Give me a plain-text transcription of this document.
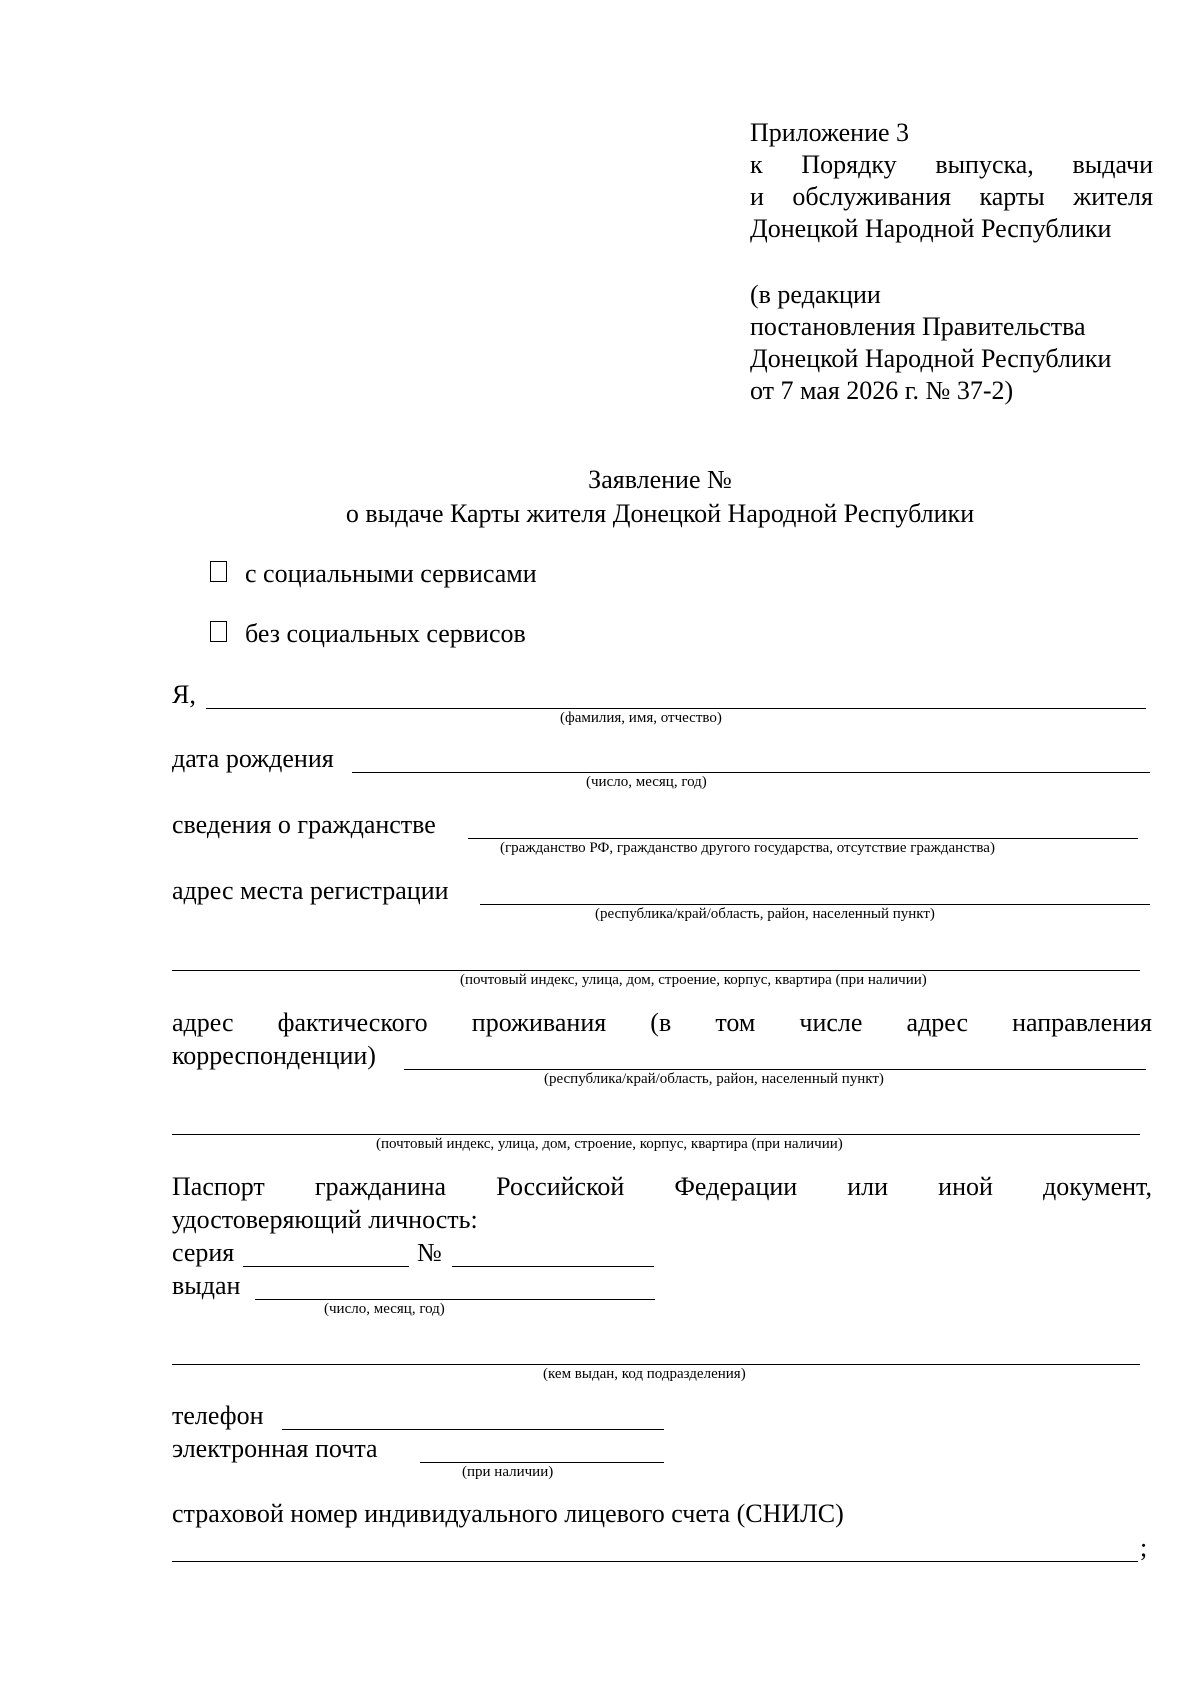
Приложение 3
к Порядку выпуска, выдачи
и обслуживания карты жителя
Донецкой Народной Республики
(в редакции
постановления Правительства
Донецкой Народной Республики
от 7 мая 2026 г. № 37-2)
Заявление №
о выдаче Карты жителя Донецкой Народной Республики
с социальными сервисами
без социальных сервисов
Я,
(фамилия, имя, отчество)
дата рождения
(число, месяц, год)
сведения о гражданстве
(гражданство РФ, гражданство другого государства, отсутствие гражданства)
адрес места регистрации
(республика/край/область, район, населенный пункт)
(почтовый индекс, улица, дом, строение, корпус, квартира (при наличии)
адрес фактического проживания (в том числе адрес направления
корреспонденции)
(республика/край/область, район, населенный пункт)
(почтовый индекс, улица, дом, строение, корпус, квартира (при наличии)
Паспорт гражданина Российской Федерации или иной документ,
удостоверяющий личность:
серия	№
выдан
(число, месяц, год)
(кем выдан, код подразделения)
телефон
электронная почта
(при наличии)
страховой номер индивидуального лицевого счета (СНИЛС)
;
